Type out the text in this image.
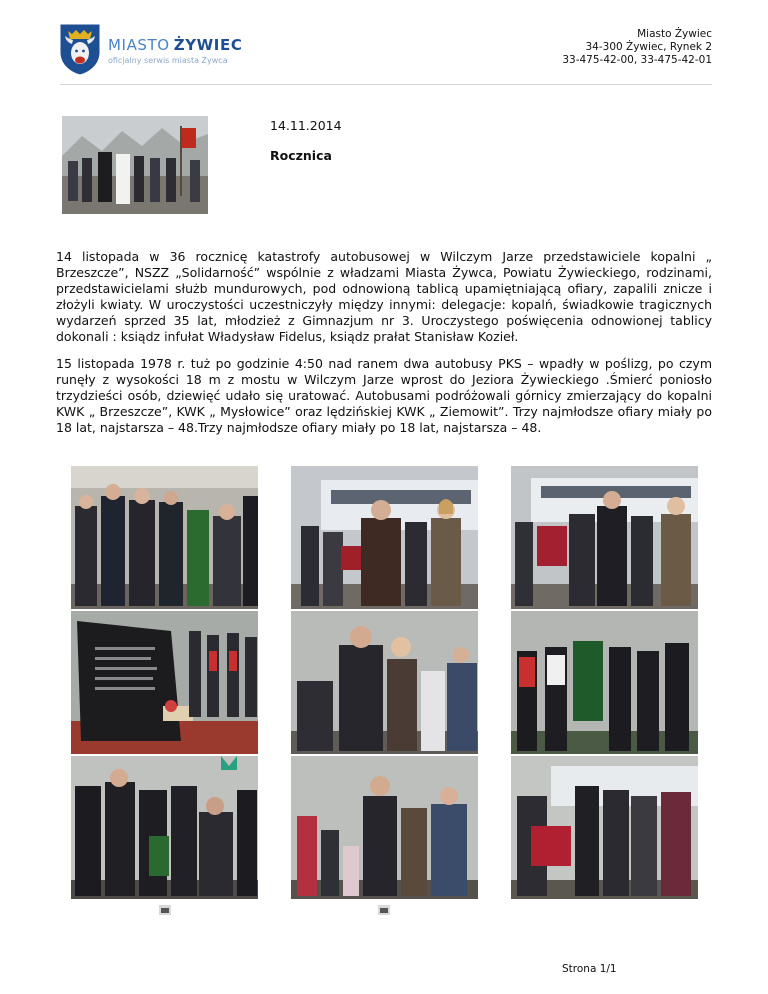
MIASTO ŻYWIEC
oficjalny serwis miasta Żywca
Miasto Żywiec
34-300 Żywiec, Rynek 2
33-475-42-00, 33-475-42-01
14.11.2014
Rocznica

14 listopada w 36 rocznicę katastrofy autobusowej w Wilczym Jarze przedstawiciele kopalni „ Brzeszcze”, NSZZ „Solidarność” wspólnie z władzami Miasta Żywca, Powiatu Żywieckiego, rodzinami, przedstawicielami służb mundurowych, pod odnowioną tablicą upamiętniającą ofiary, zapalili znicze i złożyli kwiaty. W uroczystości uczestniczyły między innymi: delegacje: kopalń, świadkowie tragicznych wydarzeń sprzed 35 lat, młodzież z Gimnazjum nr 3. Uroczystego poświęcenia odnowionej tablicy dokonali : ksiądz infułat Władysław Fidelus, ksiądz prałat Stanisław Kozieł.

15 listopada 1978 r. tuż po godzinie 4:50 nad ranem dwa autobusy PKS – wpadły w poślizg, po czym runęły z wysokości 18 m z mostu w Wilczym Jarze wprost do Jeziora Żywieckiego .Śmierć poniosło trzydzieści osób, dziewięć udało się uratować. Autobusami podróżowali górnicy zmierzający do kopalni KWK „ Brzeszcze”, KWK „ Mysłowice” oraz lędzińskiej KWK „ Ziemowit”. Trzy najmłodsze ofiary miały po 18 lat, najstarsza – 48.Trzy najmłodsze ofiary miały po 18 lat, najstarsza – 48.

Strona 1/1
